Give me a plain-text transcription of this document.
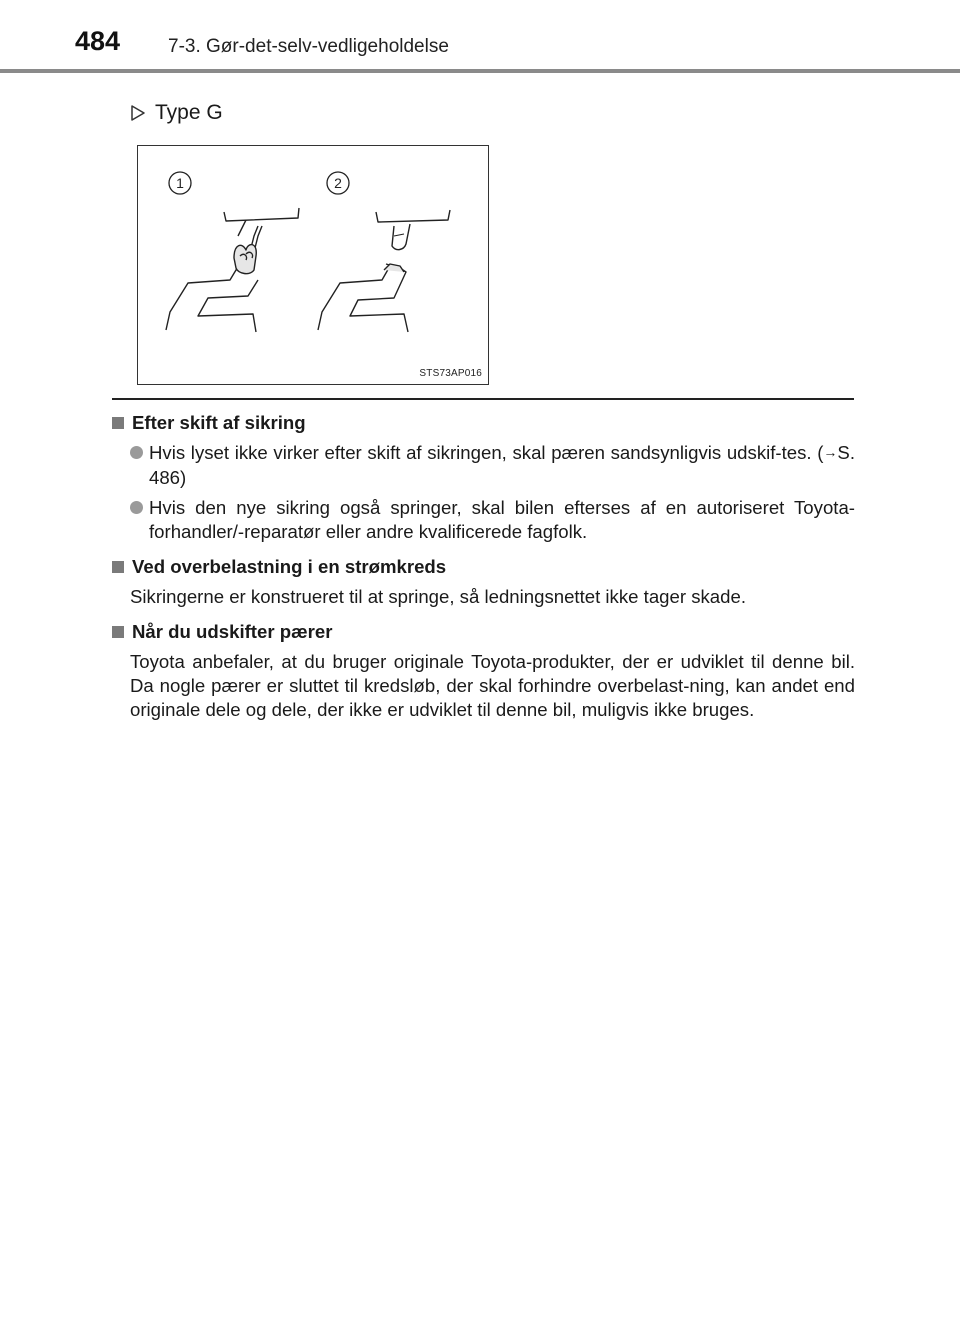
484	7-3. Gør-det-selv-vedligeholdelse
Type G
1	2
STS73AP016
Efter skift af sikring
Hvis lyset ikke virker efter skift af sikringen, skal pæren sandsynligvis udskif-tes. (→S. 486)
Hvis den nye sikring også springer, skal bilen efterses af en autoriseret Toyota-forhandler/-reparatør eller andre kvalificerede fagfolk.
Ved overbelastning i en strømkreds
Sikringerne er konstrueret til at springe, så ledningsnettet ikke tager skade.
Når du udskifter pærer
Toyota anbefaler, at du bruger originale Toyota-produkter, der er udviklet til denne bil. Da nogle pærer er sluttet til kredsløb, der skal forhindre overbelast-ning, kan andet end originale dele og dele, der ikke er udviklet til denne bil, muligvis ikke bruges.
